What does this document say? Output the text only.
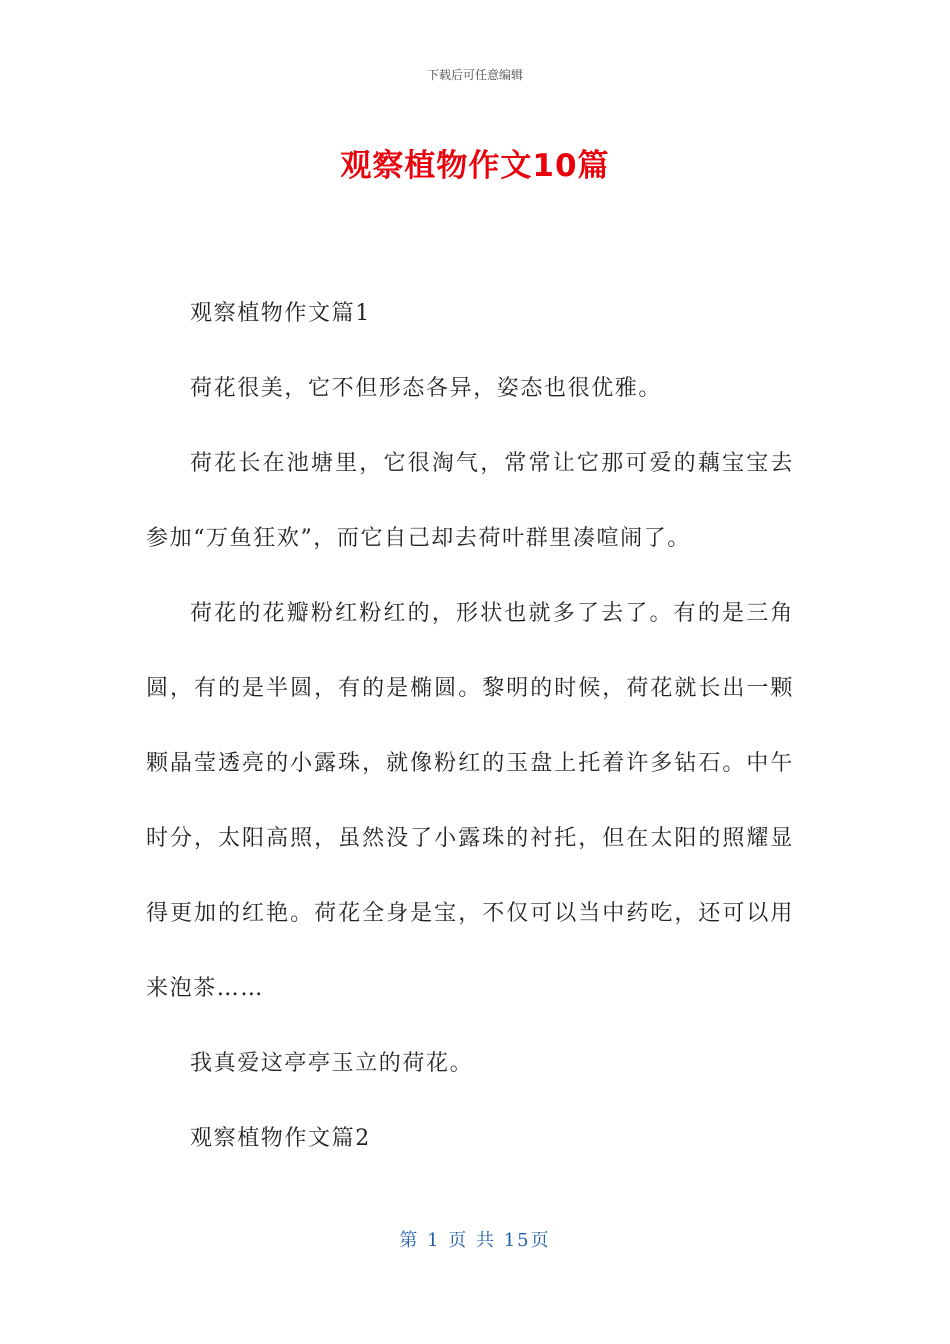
下载后可任意编辑
观察植物作文10篇

观察植物作文篇1

荷花很美，它不但形态各异，姿态也很优雅。

荷花长在池塘里，它很淘气，常常让它那可爱的藕宝宝去参加“万鱼狂欢”，而它自己却去荷叶群里凑喧闹了。

荷花的花瓣粉红粉红的，形状也就多了去了。有的是三角圆，有的是半圆，有的是椭圆。黎明的时候，荷花就长出一颗颗晶莹透亮的小露珠，就像粉红的玉盘上托着许多钻石。中午时分，太阳高照，虽然没了小露珠的衬托，但在太阳的照耀显得更加的红艳。荷花全身是宝，不仅可以当中药吃，还可以用来泡茶……

我真爱这亭亭玉立的荷花。

观察植物作文篇2

第 1 页 共 15页
